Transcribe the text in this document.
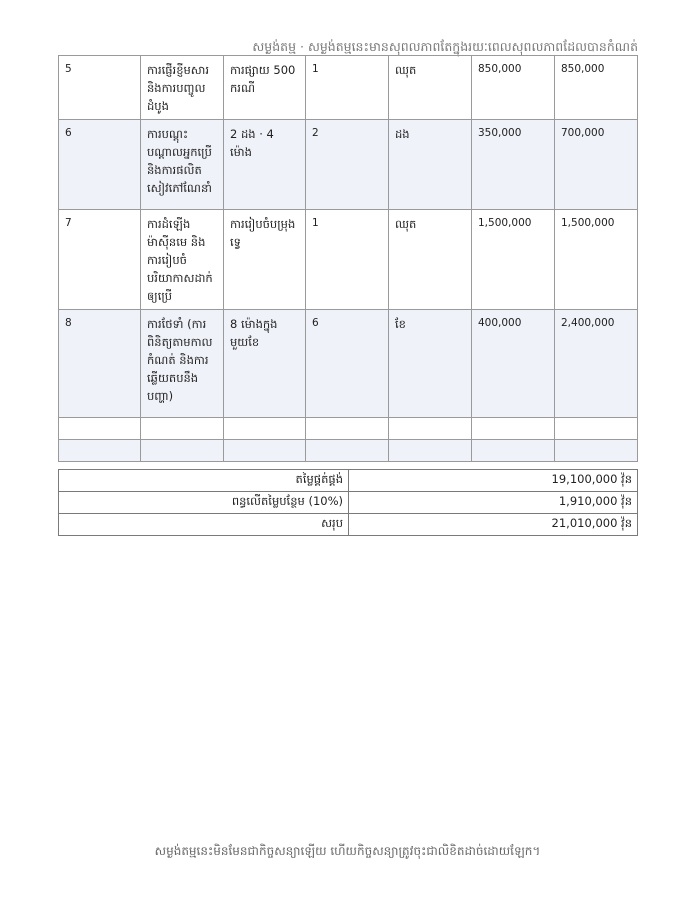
សម្ងង់តម្ម · សម្ងង់តម្មនេះមានសុពលភាពតែក្នុងរយៈពេលសុពលភាពដែលបានកំណត់
5	ការផ្ញើរខ្ញីមសារ និងការបញ្ចូលដំបូង	ការផ្សាយ 500 ករណី	1	ឈុត	850,000	850,000
6	ការបណ្តុះបណ្តាលអ្នកប្រើ និងការផលិតសៀវភៅណែនាំ	2 ដង · 4 ម៉ោង	2	ដង	350,000	700,000
7	ការដំឡើងម៉ាស៊ីនមេ និងការរៀបចំបរិយាកាសដាក់ឲ្យប្រើ	ការរៀបចំបម្រុងទ្វេ	1	ឈុត	1,500,000	1,500,000
8	ការថែទាំ (ការពិនិត្យតាមកាលកំណត់ និងការឆ្លើយតបនឹងបញ្ហា)	8 ម៉ោងក្នុងមួយខែ	6	ខែ	400,000	2,400,000

តម្លៃផ្គត់ផ្គង់	19,100,000 វ៉ុន
ពន្ធលើតម្លៃបន្ថែម (10%)	1,910,000 វ៉ុន
សរុប	21,010,000 វ៉ុន
សម្ងង់តម្មនេះមិនមែនជាកិច្ចសន្យាឡើយ ហើយកិច្ចសន្យាត្រូវចុះជាលិខិតដាច់ដោយឡែក។
